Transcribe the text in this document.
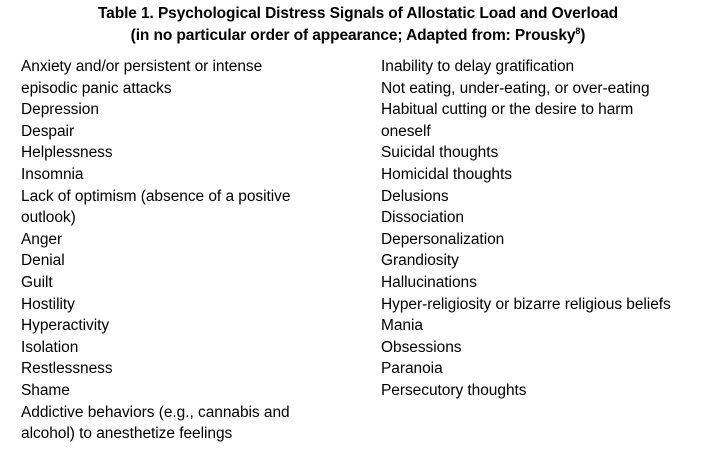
Table 1. Psychological Distress Signals of Allostatic Load and Overload
(in no particular order of appearance; Adapted from: Prousky$^8$)
Anxiety and/or persistent or intense
episodic panic attacks
Depression
Despair
Helplessness
Insomnia
Lack of optimism (absence of a positive
outlook)
Anger
Denial
Guilt
Hostility
Hyperactivity
Isolation
Restlessness
Shame
Addictive behaviors (e.g., cannabis and
alcohol) to anesthetize feelings
Inability to delay gratification
Not eating, under-eating, or over-eating
Habitual cutting or the desire to harm
oneself
Suicidal thoughts
Homicidal thoughts
Delusions
Dissociation
Depersonalization
Grandiosity
Hallucinations
Hyper-religiosity or bizarre religious beliefs
Mania
Obsessions
Paranoia
Persecutory thoughts
